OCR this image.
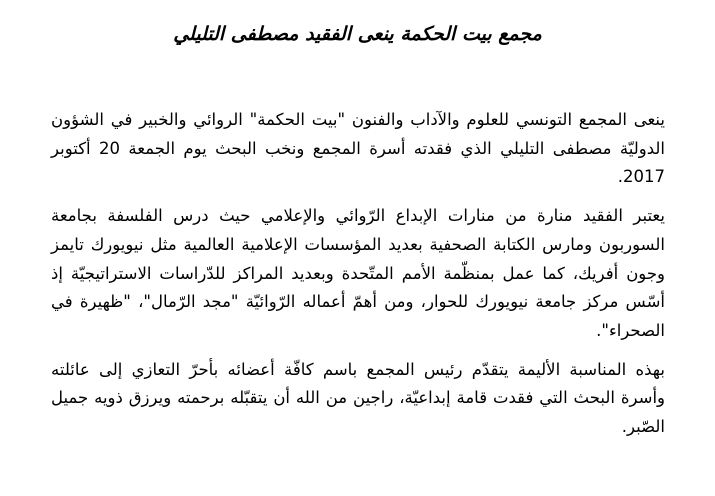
مجمع بيت الحكمة ينعى الفقيد مصطفى التليلي

ينعى المجمع التونسي للعلوم والآداب والفنون "بيت الحكمة" الروائي والخبير في الشؤون الدوليّة مصطفى التليلي الذي فقدته أسرة المجمع ونخب البحث يوم الجمعة 20 أكتوبر 2017.

يعتبر الفقيد منارة من منارات الإبداع الرّوائي والإعلامي حيث درس الفلسفة بجامعة السوربون ومارس الكتابة الصحفية بعديد المؤسسات الإعلامية العالمية مثل نيويورك تايمز وجون أفريك، كما عمل بمنظّمة الأمم المتّحدة وبعديد المراكز للدّراسات الاستراتيجيّة إذ أسّس مركز جامعة نيويورك للحوار، ومن أهمّ أعماله الرّوائيّة "مجد الرّمال"، "ظهيرة في الصحراء".

بهذه المناسبة الأليمة يتقدّم رئيس المجمع باسم كافّة أعضائه بأحرّ التعازي إلى عائلته وأسرة البحث التي فقدت قامة إبداعيّة، راجين من الله أن يتقبّله برحمته ويرزق ذويه جميل الصّبر.
